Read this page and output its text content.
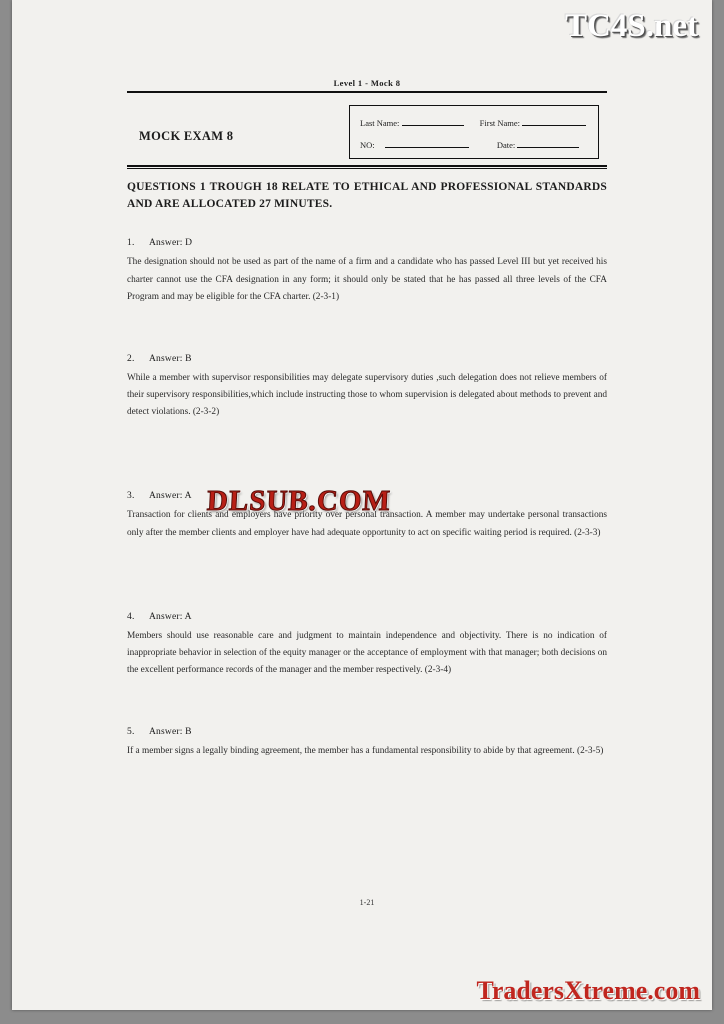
TC4S.net
Level 1 - Mock 8
MOCK EXAM 8
Last Name:	First Name:
NO:	Date:
QUESTIONS 1 TROUGH 18 RELATE TO ETHICAL AND PROFESSIONAL STANDARDS AND ARE ALLOCATED 27 MINUTES.
1. Answer: D
The designation should not be used as part of the name of a firm and a candidate who has passed Level III but yet received his charter cannot use the CFA designation in any form; it should only be stated that he has passed all three levels of the CFA Program and may be eligible for the CFA charter. (2-3-1)
2. Answer: B
While a member with supervisor responsibilities may delegate supervisory duties ,such delegation does not relieve members of their supervisory responsibilities,which include instructing those to whom supervision is delegated about methods to prevent and detect violations. (2-3-2)
3. Answer: A
Transaction for clients and employers have priority over personal transaction. A member may undertake personal transactions only after the member clients and employer have had adequate opportunity to act on specific waiting period is required. (2-3-3)
4. Answer: A
Members should use reasonable care and judgment to maintain independence and objectivity. There is no indication of inappropriate behavior in selection of the equity manager or the acceptance of employment with that manager; both decisions on the excellent performance records of the manager and the member respectively. (2-3-4)
5. Answer: B
If a member signs a legally binding agreement, the member has a fundamental responsibility to abide by that agreement. (2-3-5)
1-21
DLSUB.COM
TradersXtreme.com
